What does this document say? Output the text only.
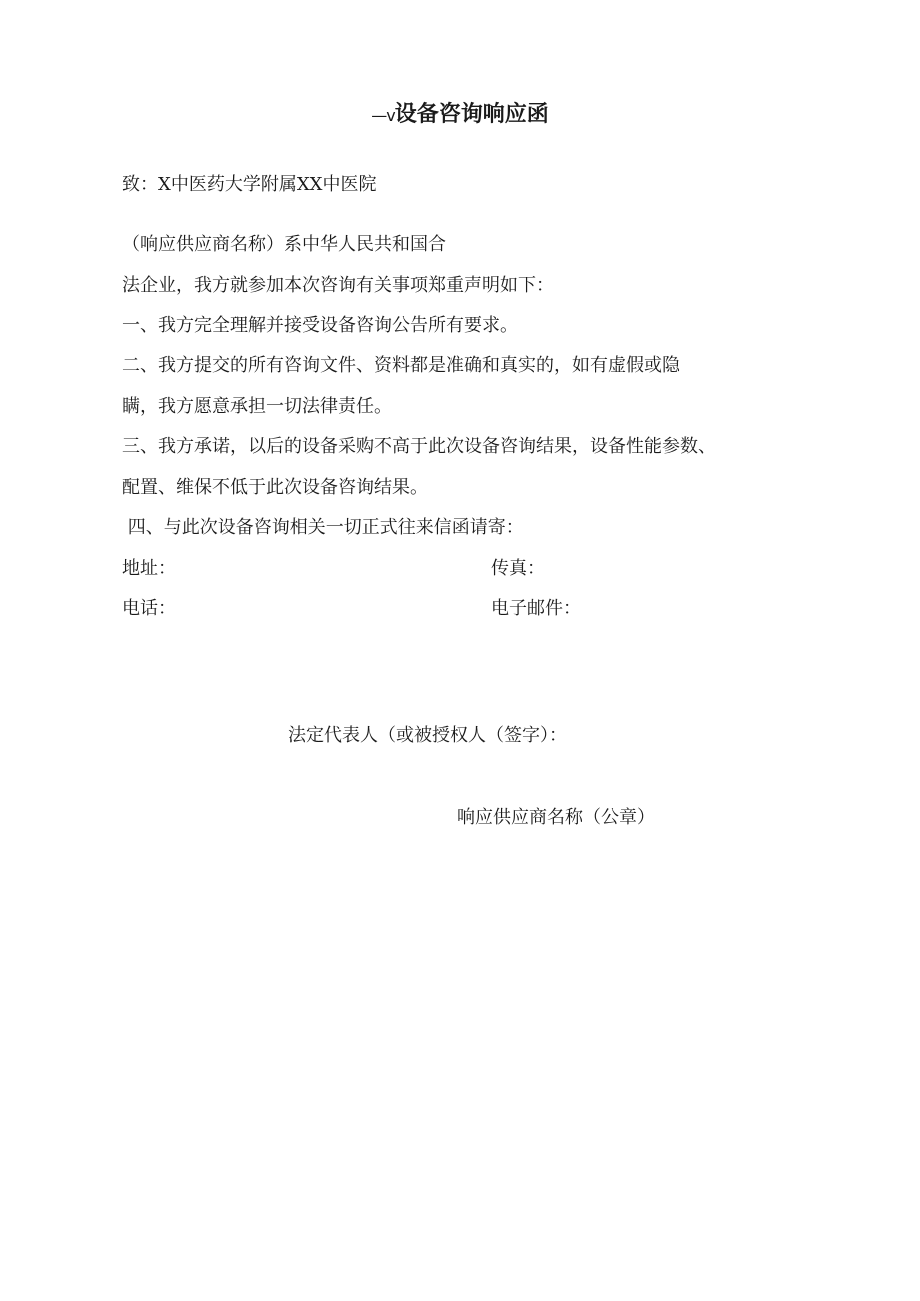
—v设备咨询响应函
致：X中医药大学附属XX中医院
（响应供应商名称）系中华人民共和国合
法企业，我方就参加本次咨询有关事项郑重声明如下：
一、我方完全理解并接受设备咨询公告所有要求。
二、我方提交的所有咨询文件、资料都是准确和真实的，如有虚假或隐
瞒，我方愿意承担一切法律责任。
三、我方承诺，以后的设备采购不高于此次设备咨询结果，设备性能参数、
配置、维保不低于此次设备咨询结果。
四、与此次设备咨询相关一切正式往来信函请寄：
地址：	传真：
电话：	电子邮件：
法定代表人（或被授权人（签字）：
响应供应商名称（公章）
